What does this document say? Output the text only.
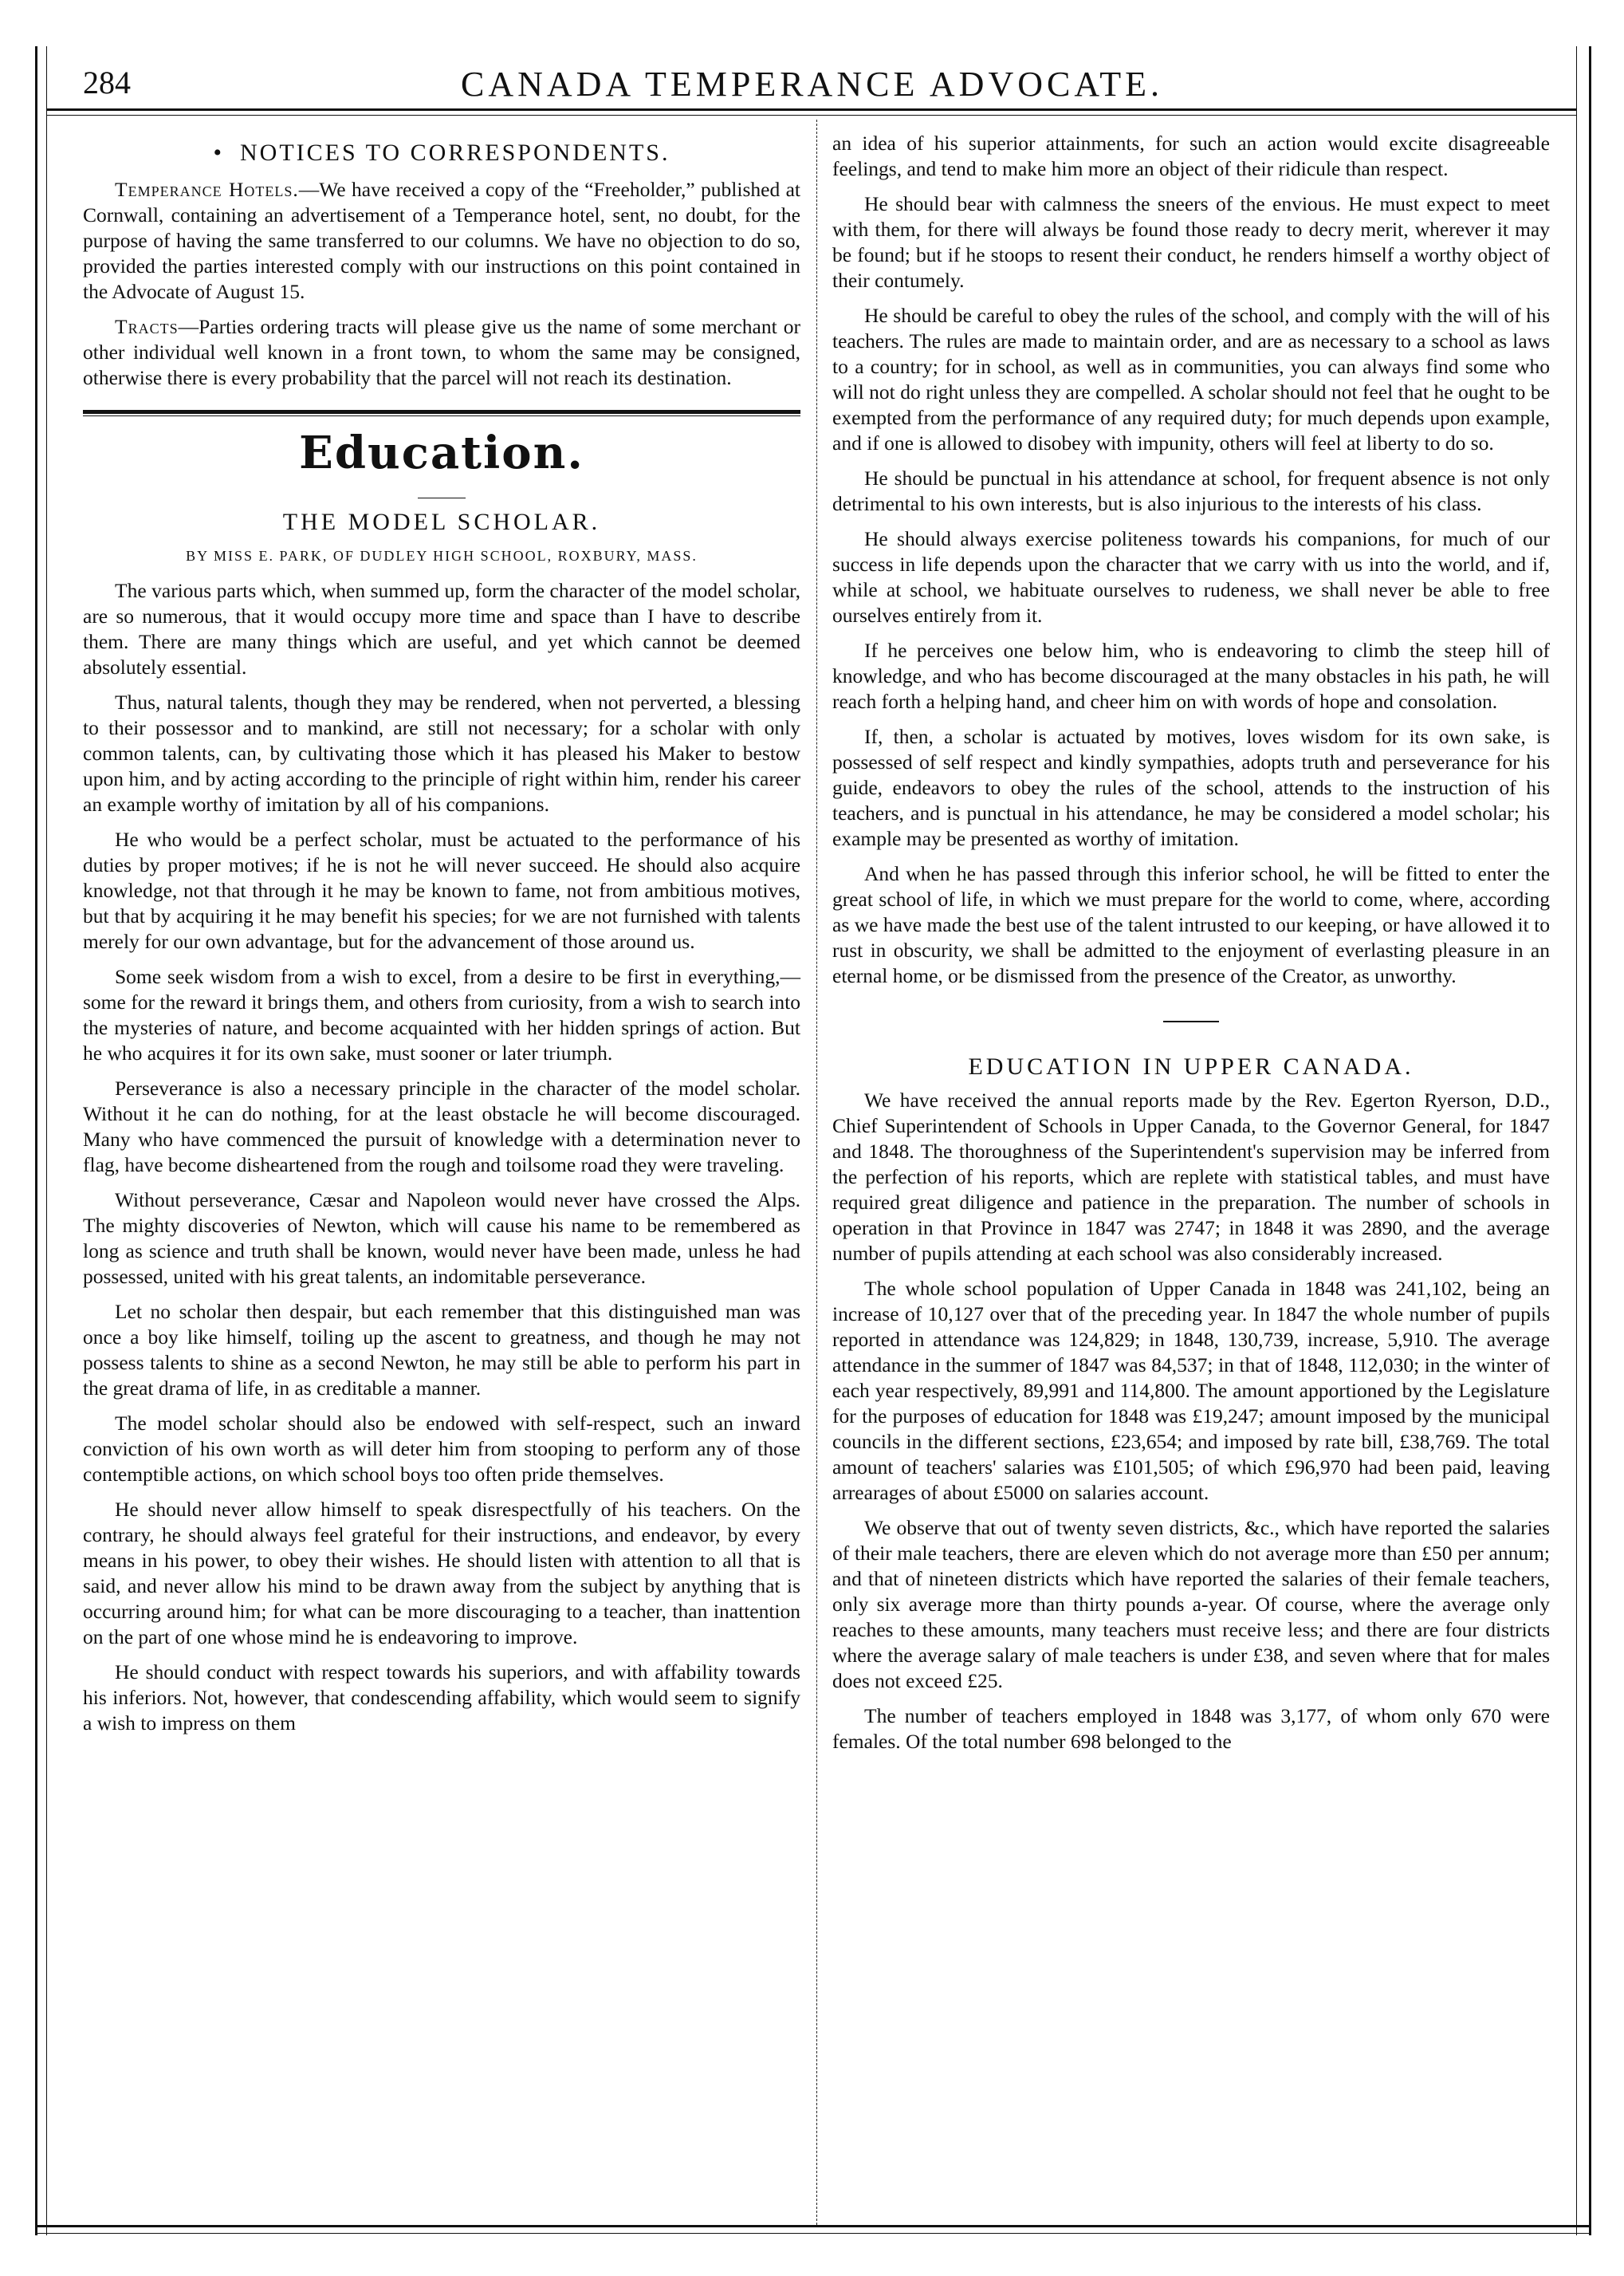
284	CANADA TEMPERANCE ADVOCATE.
• NOTICES TO CORRESPONDENTS.

Temperance Hotels.—We have received a copy of the “Freeholder,” published at Cornwall, containing an advertisement of a Temperance hotel, sent, no doubt, for the purpose of having the same transferred to our columns. We have no objection to do so, provided the parties interested comply with our instructions on this point contained in the Advocate of August 15.

Tracts—Parties ordering tracts will please give us the name of some merchant or other individual well known in a front town, to whom the same may be consigned, otherwise there is every probability that the parcel will not reach its destination.

Education.
THE MODEL SCHOLAR.
BY MISS E. PARK, OF DUDLEY HIGH SCHOOL, ROXBURY, MASS.

The various parts which, when summed up, form the character of the model scholar, are so numerous, that it would occupy more time and space than I have to describe them. There are many things which are useful, and yet which cannot be deemed absolutely essential.

Thus, natural talents, though they may be rendered, when not perverted, a blessing to their possessor and to mankind, are still not necessary; for a scholar with only common talents, can, by cultivating those which it has pleased his Maker to bestow upon him, and by acting according to the principle of right within him, render his career an example worthy of imitation by all of his companions.

He who would be a perfect scholar, must be actuated to the performance of his duties by proper motives; if he is not he will never succeed. He should also acquire knowledge, not that through it he may be known to fame, not from ambitious motives, but that by acquiring it he may benefit his species; for we are not furnished with talents merely for our own advantage, but for the advancement of those around us.

Some seek wisdom from a wish to excel, from a desire to be first in everything,—some for the reward it brings them, and others from curiosity, from a wish to search into the mysteries of nature, and become acquainted with her hidden springs of action. But he who acquires it for its own sake, must sooner or later triumph.

Perseverance is also a necessary principle in the character of the model scholar. Without it he can do nothing, for at the least obstacle he will become discouraged. Many who have commenced the pursuit of knowledge with a determination never to flag, have become disheartened from the rough and toilsome road they were traveling.

Without perseverance, Cæsar and Napoleon would never have crossed the Alps. The mighty discoveries of Newton, which will cause his name to be remembered as long as science and truth shall be known, would never have been made, unless he had possessed, united with his great talents, an indomitable perseverance.

Let no scholar then despair, but each remember that this distinguished man was once a boy like himself, toiling up the ascent to greatness, and though he may not possess talents to shine as a second Newton, he may still be able to perform his part in the great drama of life, in as creditable a manner.

The model scholar should also be endowed with self-respect, such an inward conviction of his own worth as will deter him from stooping to perform any of those contemptible actions, on which school boys too often pride themselves.

He should never allow himself to speak disrespectfully of his teachers. On the contrary, he should always feel grateful for their instructions, and endeavor, by every means in his power, to obey their wishes. He should listen with attention to all that is said, and never allow his mind to be drawn away from the subject by anything that is occurring around him; for what can be more discouraging to a teacher, than inattention on the part of one whose mind he is endeavoring to improve.

He should conduct with respect towards his superiors, and with affability towards his inferiors. Not, however, that condescending affability, which would seem to signify a wish to impress on them

an idea of his superior attainments, for such an action would excite disagreeable feelings, and tend to make him more an object of their ridicule than respect.

He should bear with calmness the sneers of the envious. He must expect to meet with them, for there will always be found those ready to decry merit, wherever it may be found; but if he stoops to resent their conduct, he renders himself a worthy object of their contumely.

He should be careful to obey the rules of the school, and comply with the will of his teachers. The rules are made to maintain order, and are as necessary to a school as laws to a country; for in school, as well as in communities, you can always find some who will not do right unless they are compelled. A scholar should not feel that he ought to be exempted from the performance of any required duty; for much depends upon example, and if one is allowed to disobey with impunity, others will feel at liberty to do so.

He should be punctual in his attendance at school, for frequent absence is not only detrimental to his own interests, but is also injurious to the interests of his class.

He should always exercise politeness towards his companions, for much of our success in life depends upon the character that we carry with us into the world, and if, while at school, we habituate ourselves to rudeness, we shall never be able to free ourselves entirely from it.

If he perceives one below him, who is endeavoring to climb the steep hill of knowledge, and who has become discouraged at the many obstacles in his path, he will reach forth a helping hand, and cheer him on with words of hope and consolation.

If, then, a scholar is actuated by motives, loves wisdom for its own sake, is possessed of self respect and kindly sympathies, adopts truth and perseverance for his guide, endeavors to obey the rules of the school, attends to the instruction of his teachers, and is punctual in his attendance, he may be considered a model scholar; his example may be presented as worthy of imitation.

And when he has passed through this inferior school, he will be fitted to enter the great school of life, in which we must prepare for the world to come, where, according as we have made the best use of the talent intrusted to our keeping, or have allowed it to rust in obscurity, we shall be admitted to the enjoyment of everlasting pleasure in an eternal home, or be dismissed from the presence of the Creator, as unworthy.

EDUCATION IN UPPER CANADA.

We have received the annual reports made by the Rev. Egerton Ryerson, D.D., Chief Superintendent of Schools in Upper Canada, to the Governor General, for 1847 and 1848. The thoroughness of the Superintendent's supervision may be inferred from the perfection of his reports, which are replete with statistical tables, and must have required great diligence and patience in the preparation. The number of schools in operation in that Province in 1847 was 2747; in 1848 it was 2890, and the average number of pupils attending at each school was also considerably increased.

The whole school population of Upper Canada in 1848 was 241,102, being an increase of 10,127 over that of the preceding year. In 1847 the whole number of pupils reported in attendance was 124,829; in 1848, 130,739, increase, 5,910. The average attendance in the summer of 1847 was 84,537; in that of 1848, 112,030; in the winter of each year respectively, 89,991 and 114,800. The amount apportioned by the Legislature for the purposes of education for 1848 was £19,247; amount imposed by the municipal councils in the different sections, £23,654; and imposed by rate bill, £38,769. The total amount of teachers' salaries was £101,505; of which £96,970 had been paid, leaving arrearages of about £5000 on salaries account.

We observe that out of twenty seven districts, &c., which have reported the salaries of their male teachers, there are eleven which do not average more than £50 per annum; and that of nineteen districts which have reported the salaries of their female teachers, only six average more than thirty pounds a-year. Of course, where the average only reaches to these amounts, many teachers must receive less; and there are four districts where the average salary of male teachers is under £38, and seven where that for males does not exceed £25.

The number of teachers employed in 1848 was 3,177, of whom only 670 were females. Of the total number 698 belonged to the
